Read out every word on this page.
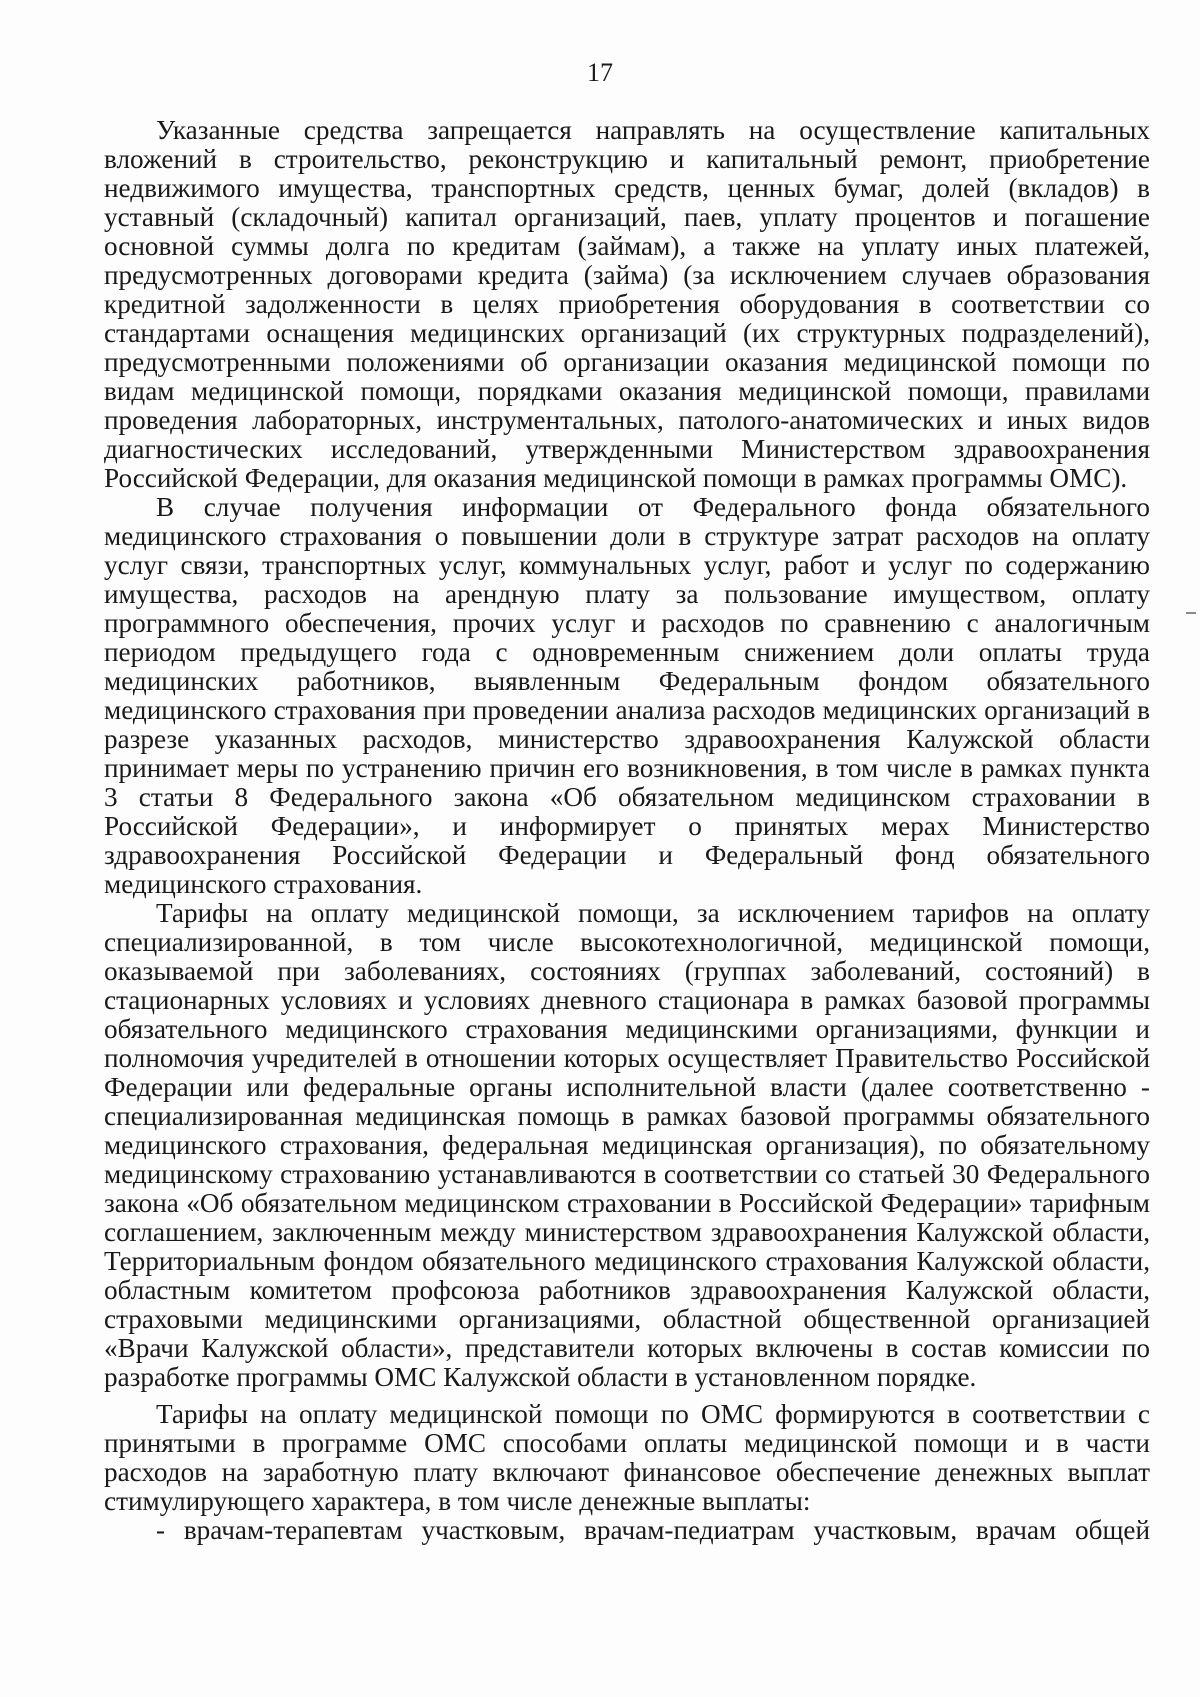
17

Указанные средства запрещается направлять на осуществление капитальных вложений в строительство, реконструкцию и капитальный ремонт, приобретение недвижимого имущества, транспортных средств, ценных бумаг, долей (вкладов) в уставный (складочный) капитал организаций, паев, уплату процентов и погашение основной суммы долга по кредитам (займам), а также на уплату иных платежей, предусмотренных договорами кредита (займа) (за исключением случаев образования кредитной задолженности в целях приобретения оборудования в соответствии со стандартами оснащения медицинских организаций (их структурных подразделений), предусмотренными положениями об организации оказания медицинской помощи по видам медицинской помощи, порядками оказания медицинской помощи, правилами проведения лабораторных, инструментальных, патолого-анатомических и иных видов диагностических исследований, утвержденными Министерством здравоохранения Российской Федерации, для оказания медицинской помощи в рамках программы ОМС).

В случае получения информации от Федерального фонда обязательного медицинского страхования о повышении доли в структуре затрат расходов на оплату услуг связи, транспортных услуг, коммунальных услуг, работ и услуг по содержанию имущества, расходов на арендную плату за пользование имуществом, оплату программного обеспечения, прочих услуг и расходов по сравнению с аналогичным периодом предыдущего года с одновременным снижением доли оплаты труда медицинских работников, выявленным Федеральным фондом обязательного медицинского страхования при проведении анализа расходов медицинских организаций в разрезе указанных расходов, министерство здравоохранения Калужской области принимает меры по устранению причин его возникновения, в том числе в рамках пункта 3 статьи 8 Федерального закона «Об обязательном медицинском страховании в Российской Федерации», и информирует о принятых мерах Министерство здравоохранения Российской Федерации и Федеральный фонд обязательного медицинского страхования.

Тарифы на оплату медицинской помощи, за исключением тарифов на оплату специализированной, в том числе высокотехнологичной, медицинской помощи, оказываемой при заболеваниях, состояниях (группах заболеваний, состояний) в стационарных условиях и условиях дневного стационара в рамках базовой программы обязательного медицинского страхования медицинскими организациями, функции и полномочия учредителей в отношении которых осуществляет Правительство Российской Федерации или федеральные органы исполнительной власти (далее соответственно - специализированная медицинская помощь в рамках базовой программы обязательного медицинского страхования, федеральная медицинская организация), по обязательному медицинскому страхованию устанавливаются в соответствии со статьей 30 Федерального закона «Об обязательном медицинском страховании в Российской Федерации» тарифным соглашением, заключенным между министерством здравоохранения Калужской области, Территориальным фондом обязательного медицинского страхования Калужской области, областным комитетом профсоюза работников здравоохранения Калужской области, страховыми медицинскими организациями, областной общественной организацией «Врачи Калужской области», представители которых включены в состав комиссии по разработке программы ОМС Калужской области в установленном порядке.

Тарифы на оплату медицинской помощи по ОМС формируются в соответствии с принятыми в программе ОМС способами оплаты медицинской помощи и в части расходов на заработную плату включают финансовое обеспечение денежных выплат стимулирующего характера, в том числе денежные выплаты:

- врачам-терапевтам участковым, врачам-педиатрам участковым, врачам общей
